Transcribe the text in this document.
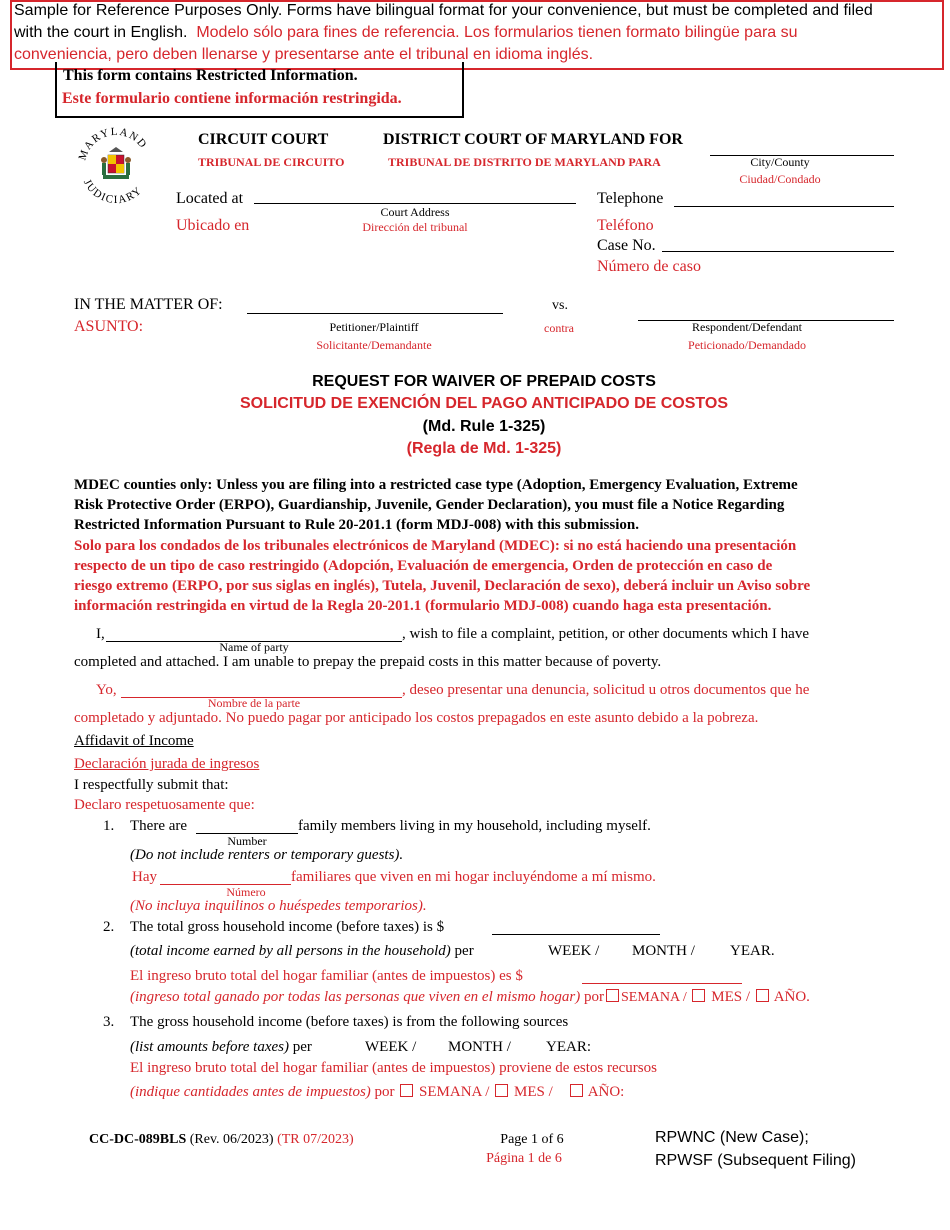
Sample for Reference Purposes Only. Forms have bilingual format for your convenience, but must be completed and filed
with the court in English. Modelo sólo para fines de referencia. Los formularios tienen formato bilingüe para su
conveniencia, pero deben llenarse y presentarse ante el tribunal en idioma inglés.
This form contains Restricted Information.
Este formulario contiene información restringida.
MARYLAND
JUDICIARY
CIRCUIT COURT
TRIBUNAL DE CIRCUITO
DISTRICT COURT OF MARYLAND FOR
TRIBUNAL DE DISTRITO DE MARYLAND PARA	City/County
Ciudad/Condado
Located at
Ubicado en
Court Address
Dirección del tribunal
Telephone
Teléfono
Case No.
Número de caso
IN THE MATTER OF:
ASUNTO:	Petitioner/Plaintiff
Solicitante/Demandante
vs.
contra	Respondent/Defendant
Peticionado/Demandado
REQUEST FOR WAIVER OF PREPAID COSTS
SOLICITUD DE EXENCIÓN DEL PAGO ANTICIPADO DE COSTOS
(Md. Rule 1-325)
(Regla de Md. 1-325)
MDEC counties only: Unless you are filing into a restricted case type (Adoption, Emergency Evaluation, Extreme
Risk Protective Order (ERPO), Guardianship, Juvenile, Gender Declaration), you must file a Notice Regarding
Restricted Information Pursuant to Rule 20-201.1 (form MDJ-008) with this submission.
Solo para los condados de los tribunales electrónicos de Maryland (MDEC): si no está haciendo una presentación
respecto de un tipo de caso restringido (Adopción, Evaluación de emergencia, Orden de protección en caso de
riesgo extremo (ERPO, por sus siglas en inglés), Tutela, Juvenil, Declaración de sexo), deberá incluir un Aviso sobre
información restringida en virtud de la Regla 20-201.1 (formulario MDJ-008) cuando haga esta presentación.
I,
Name of party
, wish to file a complaint, petition, or other documents which I have
completed and attached. I am unable to prepay the prepaid costs in this matter because of poverty.
Yo,
Nombre de la parte
, deseo presentar una denuncia, solicitud u otros documentos que he
completado y adjuntado. No puedo pagar por anticipado los costos prepagados en este asunto debido a la pobreza.
Affidavit of Income
Declaración jurada de ingresos
I respectfully submit that:
Declaro respetuosamente que:
1. There are
Number
family members living in my household, including myself.
(Do not include renters or temporary guests).
Hay
Número
familiares que viven en mi hogar incluyéndome a mí mismo.
(No incluya inquilinos o huéspedes temporarios).
2. The total gross household income (before taxes) is $
(total income earned by all persons in the household) per	WEEK / MONTH / YEAR.
El ingreso bruto total del hogar familiar (antes de impuestos) es $
(ingreso total ganado por todas las personas que viven en el mismo hogar) por SEMANA / MES / AÑO.
3. The gross household income (before taxes) is from the following sources
(list amounts before taxes) per	WEEK / MONTH / YEAR:
El ingreso bruto total del hogar familiar (antes de impuestos) proviene de estos recursos
(indique cantidades antes de impuestos) por SEMANA / MES / AÑO:
CC-DC-089BLS (Rev. 06/2023) (TR 07/2023)	Page 1 of 6
Página 1 de 6
RPWNC (New Case);
RPWSF (Subsequent Filing)
